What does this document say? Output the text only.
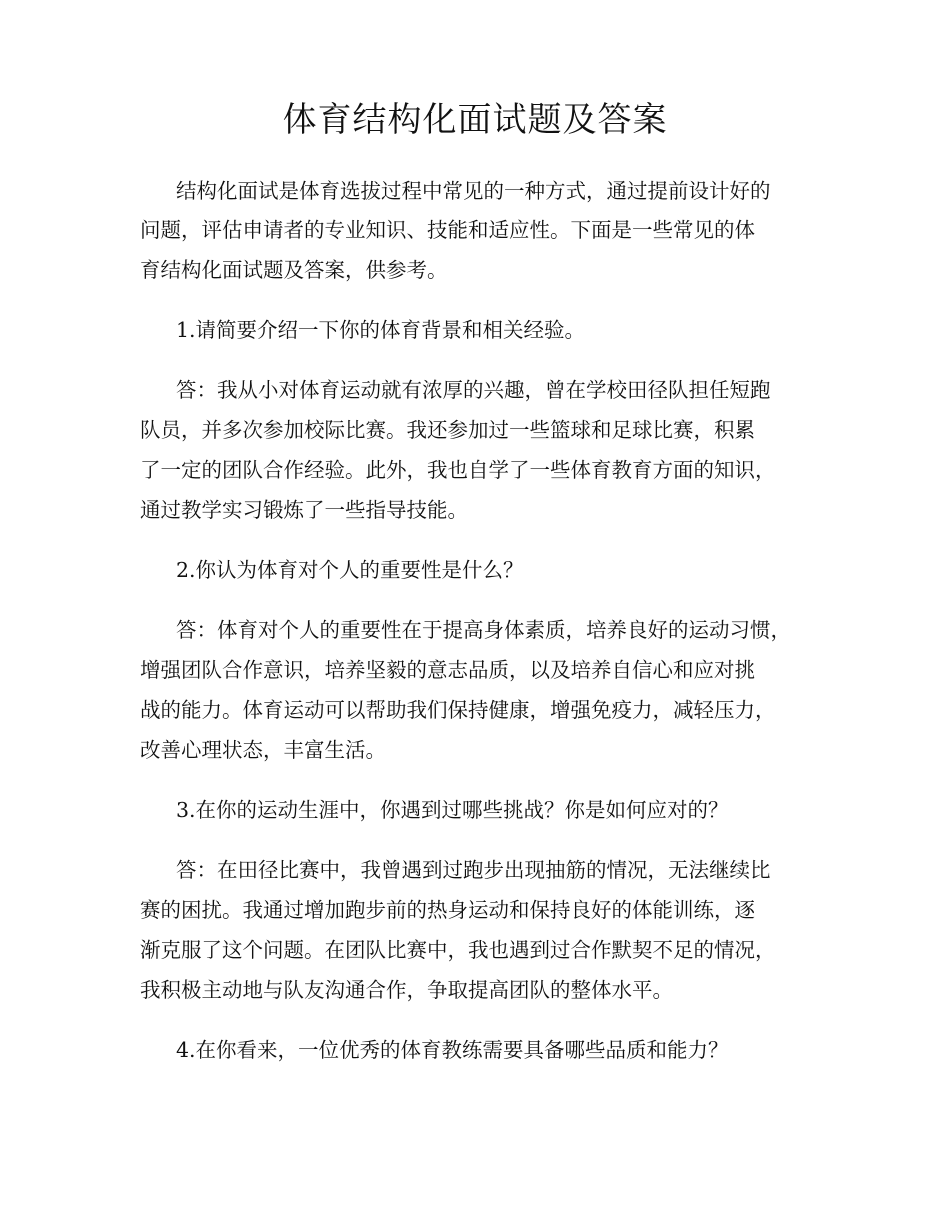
体育结构化面试题及答案
结构化面试是体育选拔过程中常见的一种方式，通过提前设计好的
问题，评估申请者的专业知识、技能和适应性。下面是一些常见的体
育结构化面试题及答案，供参考。
1.请简要介绍一下你的体育背景和相关经验。
答：我从小对体育运动就有浓厚的兴趣，曾在学校田径队担任短跑
队员，并多次参加校际比赛。我还参加过一些篮球和足球比赛，积累
了一定的团队合作经验。此外，我也自学了一些体育教育方面的知识，
通过教学实习锻炼了一些指导技能。
2.你认为体育对个人的重要性是什么？
答：体育对个人的重要性在于提高身体素质，培养良好的运动习惯，
增强团队合作意识，培养坚毅的意志品质，以及培养自信心和应对挑
战的能力。体育运动可以帮助我们保持健康，增强免疫力，减轻压力，
改善心理状态，丰富生活。
3.在你的运动生涯中，你遇到过哪些挑战？你是如何应对的？
答：在田径比赛中，我曾遇到过跑步出现抽筋的情况，无法继续比
赛的困扰。我通过增加跑步前的热身运动和保持良好的体能训练，逐
渐克服了这个问题。在团队比赛中，我也遇到过合作默契不足的情况，
我积极主动地与队友沟通合作，争取提高团队的整体水平。
4.在你看来，一位优秀的体育教练需要具备哪些品质和能力？
